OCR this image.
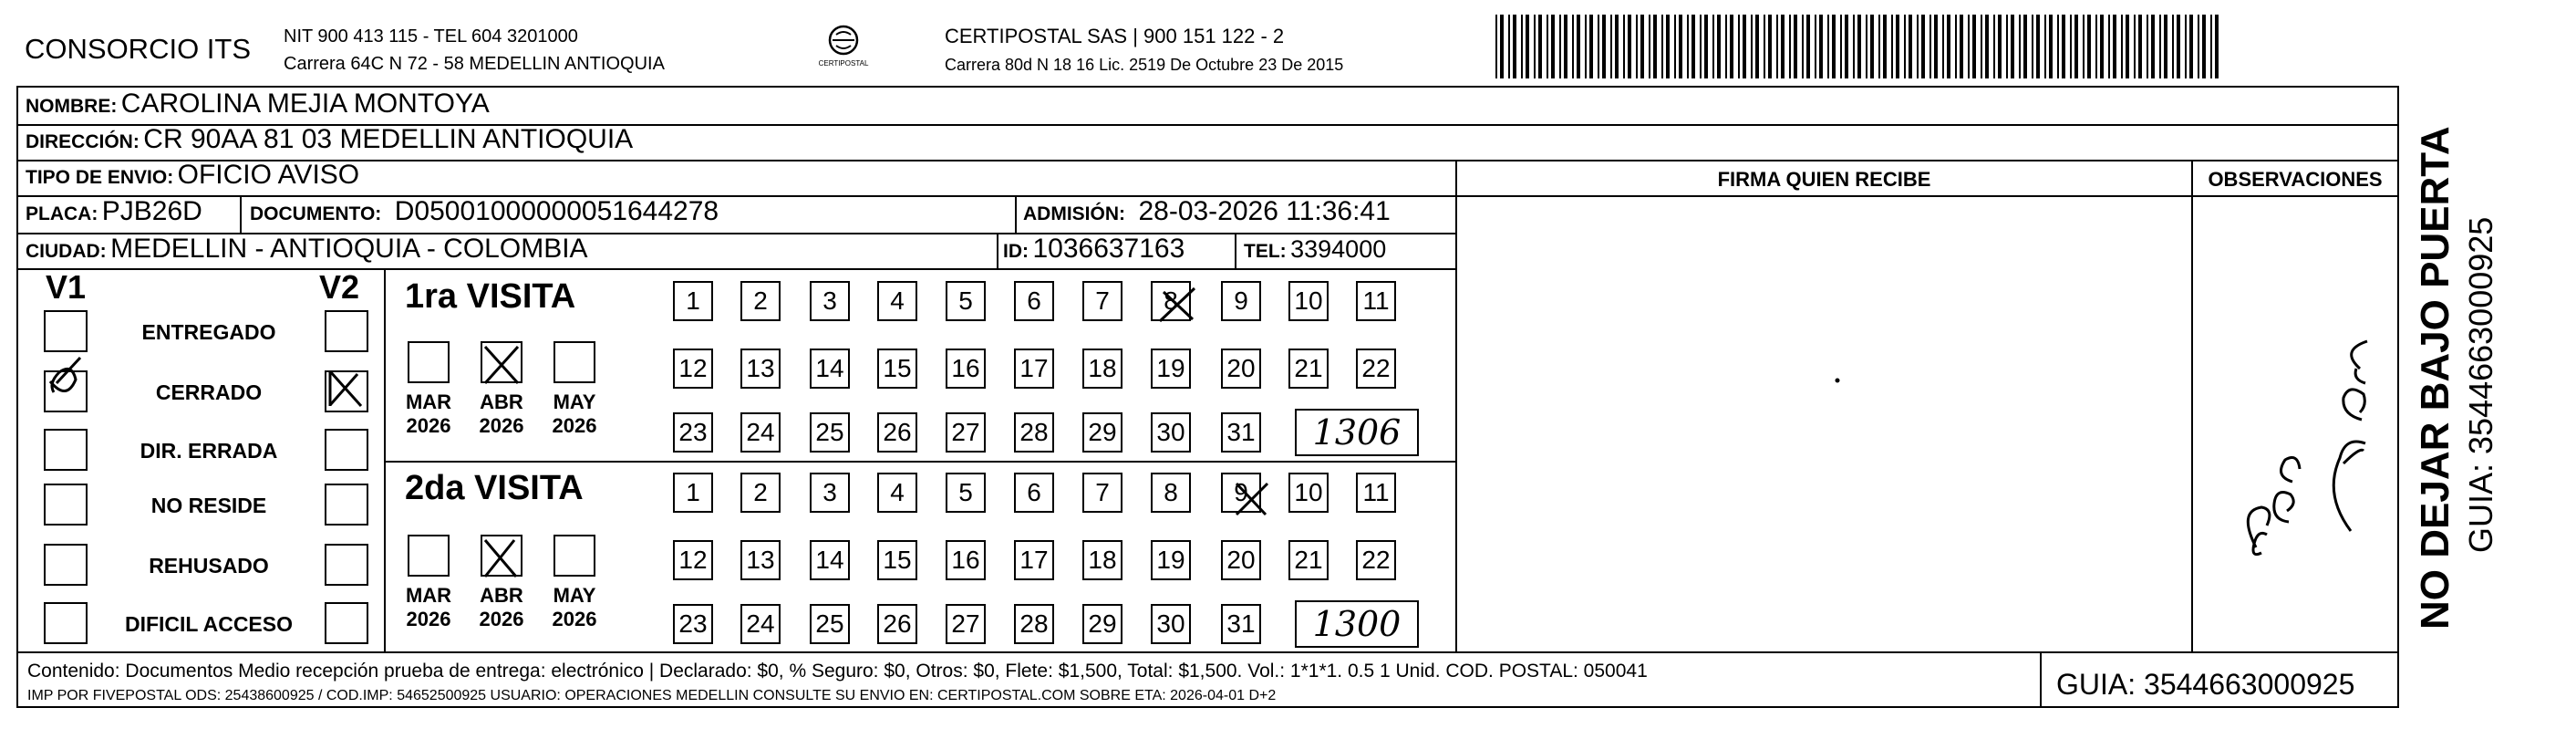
CONSORCIO ITS NIT 900 413 115 - TEL 604 3201000
Carrera 64C N 72 - 58 MEDELLIN ANTIOQUIA	CERTIPOSTAL
CERTIPOSTAL SAS | 900 151 122 - 2
Carrera 80d N 18 16 Lic. 2519 De Octubre 23 De 2015
NOMBRE: CAROLINA MEJIA MONTOYA
DIRECCIÓN: CR 90AA 81 03 MEDELLIN ANTIOQUIA
TIPO DE ENVIO: OFICIO AVISO
PLACA: PJB26D DOCUMENTO: D05001000000051644278	ADMISIÓN: 28-03-2026 11:36:41
CIUDAD: MEDELLIN - ANTIOQUIA - COLOMBIA	ID: 1036637163	TEL: 3394000
FIRMA QUIEN RECIBE	OBSERVACIONES
V1	V2
ENTREGADO
CERRADO
DIR. ERRADA
NO RESIDE
REHUSADO
DIFICIL ACCESO
1ra VISITA
MAR
2026
ABR
2026
MAY
2026
1	2	3	4	5	6	7	8	9	10 11
12 13 14 15 16 17 18 19 20 21 22
23 24 25 26 27 28 29 30 31	1306
2da VISITA
MAR
2026
ABR
2026
MAY
2026
1	2	3	4	5	6	7	8	9	10 11
12 13 14 15 16 17 18 19 20 21 22
23 24 25 26 27 28 29 30 31	1300
Contenido: Documentos Medio recepción prueba de entrega: electrónico | Declarado: $0, % Seguro: $0, Otros: $0, Flete: $1,500, Total: $1,500. Vol.: 1*1*1. 0.5 1 Unid. COD. POSTAL: 050041
IMP POR FIVEPOSTAL ODS: 25438600925 / COD.IMP: 54652500925 USUARIO: OPERACIONES MEDELLIN CONSULTE SU ENVIO EN: CERTIPOSTAL.COM SOBRE ETA: 2026-04-01 D+2	GUIA: 3544663000925
NO DEJAR BAJO PUERTA GUIA: 3544663000925
